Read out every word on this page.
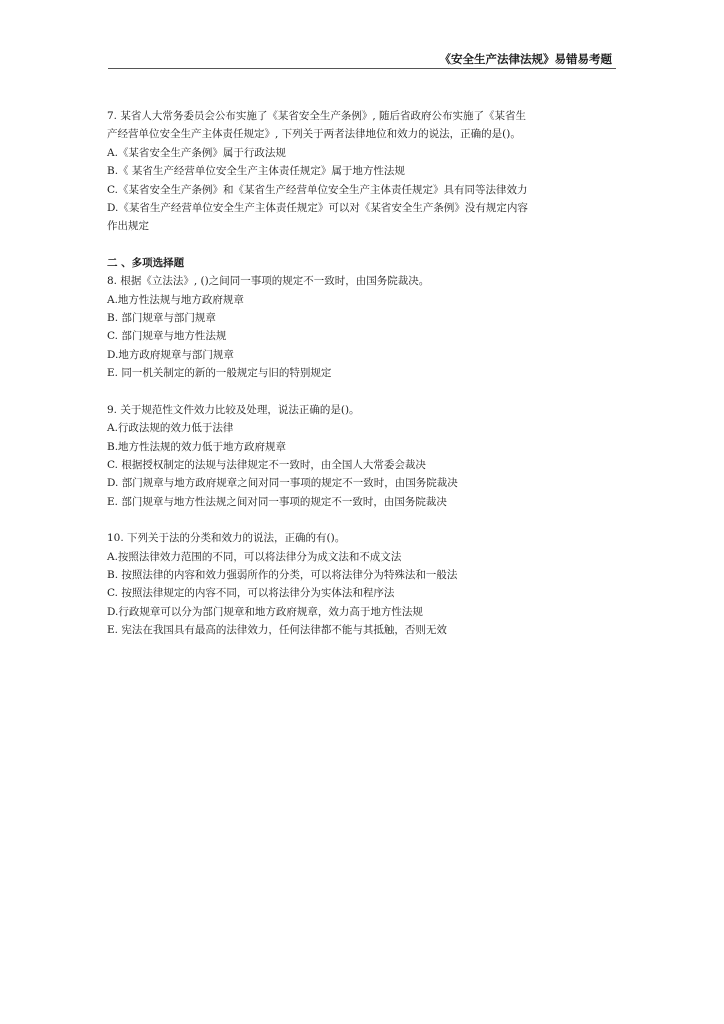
《安全生产法律法规》易错易考题

7. 某省人大常务委员会公布实施了《某省安全生产条例》, 随后省政府公布实施了《某省生

产经营单位安全生产主体责任规定》, 下列关于两者法律地位和效力的说法，正确的是()。

A.《某省安全生产条例》属于行政法规

B.《 某省生产经营单位安全生产主体责任规定》属于地方性法规

C.《某省安全生产条例》和《某省生产经营单位安全生产主体责任规定》具有同等法律效力

D.《某省生产经营单位安全生产主体责任规定》可以对《某省安全生产条例》没有规定内容

作出规定

二 、多项选择题

8. 根据《立法法》, ()之间同一事项的规定不一致时，由国务院裁决。

A.地方性法规与地方政府规章

B. 部门规章与部门规章

C. 部门规章与地方性法规

D.地方政府规章与部门规章

E. 同一机关制定的新的一般规定与旧的特别规定

9. 关于规范性文件效力比较及处理，说法正确的是()。

A.行政法规的效力低于法律

B.地方性法规的效力低于地方政府规章

C. 根据授权制定的法规与法律规定不一致时，由全国人大常委会裁决

D. 部门规章与地方政府规章之间对同一事项的规定不一致时，由国务院裁决

E. 部门规章与地方性法规之间对同一事项的规定不一致时，由国务院裁决

10. 下列关于法的分类和效力的说法，正确的有()。

A.按照法律效力范围的不同，可以将法律分为成文法和不成文法

B. 按照法律的内容和效力强弱所作的分类，可以将法律分为特殊法和一般法

C. 按照法律规定的内容不同，可以将法律分为实体法和程序法

D.行政规章可以分为部门规章和地方政府规章，效力高于地方性法规

E. 宪法在我国具有最高的法律效力，任何法律都不能与其抵触，否则无效
